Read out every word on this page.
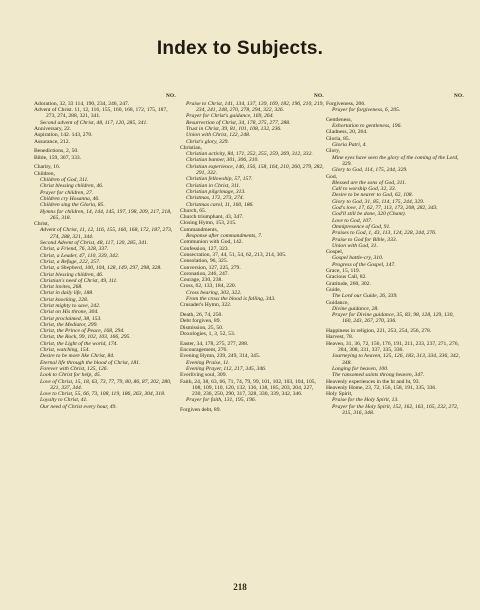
Index to Subjects.
NO.
Adoration, 32, 33 114, 190, 234, 246, 247.
Advent of Christ. 11, 12, 116, 155, 160, 168, 172, 175, 187, 273, 274, 288, 321, 341.
Second advent of Christ, 48, 117, 120, 285, 341.
Anniversary, 22.
Aspiration, 142. 143, 270.
Assurance, 212.
Benedictions, 2, 50.
Bible, 159, 307, 333.
Charity, 16.
Children,
Children of God, 311.
Christ blessing children, 46.
Prayer for children, 27.
Children cry Hosanna, 46.
Children sing the Gloria, 85.
Hymns for children, 14, 144, 145, 197, 198, 209, 217, 218, 265, 318.
Christ,
Advent of Christ, 11, 12, 116, 155, 160, 168, 172, 187, 273, 274, 288, 321, 344.
Second Advent of Christ, 48, 117, 120, 285, 341.
Christ, a Friend, 76, 328, 337.
Christ, a Leader, 47, 110, 339, 342.
Christ, a Refuge, 222, 257.
Christ, a Shepherd, 100, 104, 128, 149, 297, 298, 328.
Christ blessing children, 46.
Christian's need of Christ, 49, 111.
Christ invites, 268.
Christ in daily life, 188.
Christ knocking, 228.
Christ mighty to save, 242.
Christ on His throne, 304.
Christ proclaimed, 38, 153.
Christ, the Mediator, 299.
Christ, the Prince of Peace, 168, 294.
Christ, the Rock, 99, 102, 103, 166, 295.
Christ, the Light of the world, 174.
Christ, watching, 154.
Desire to be more like Christ, 84.
Eternal life through the blood of Christ, 181.
Forever with Christ, 125, 126.
Look to Christ for help, 45.
Love of Christ, 15, 18, 63, 73, 77, 79, 80, 86, 87, 202, 280, 321, 337, 344.
Love to Christ, 55, 66, 73, 108, 119, 186, 263, 304, 318.
Loyalty to Christ, 41.
Our need of Christ every hour, 49.
NO.
Praise to Christ, 141, 134, 137, 139, 169, 182, 196, 210, 219, 234, 241, 248, 270, 278, 294, 322, 326.
Prayer for Christ's guidance, 169, 264.
Resurrection of Christ, 34, 178, 275, 277, 288.
Trust in Christ, 39, 81, 101, 108, 132, 236.
Union with Christ, 122, 248.
Christ's glory, 329.
Christian,
Christian activity, 84, 171, 252, 255, 259, 269, 312, 332.
Christian banner, 301, 306, 310.
Christian experience, 146, 156, 158, 164, 210, 260, 279, 282, 291, 332.
Christian fellowship, 57, 157.
Christian in Christ, 311.
Christian pilgrimage, 313.
Christmas, 172, 273, 274.
Christmas carol, 11, 160, 186.
Church, 65.
Church triumphant, 43, 347.
Closing Hymn, 153, 215.
Commandments,
Response after commandments, 7.
Communion with God, 142.
Confession, 127, 323.
Consecration, 37, 44, 51, 54, 62, 213, 214, 305.
Consolation, 96, 325.
Conversion, 127, 225, 279.
Coronation, 246, 247.
Courage, 230, 238.
Cross, 62, 133, 184, 220.
Cross bearing, 303, 322.
From the cross the blood is falling, 343.
Crusader's Hymn, 322.
Death, 26, 74, 250.
Debt forgiven, 89.
Dismission, 25, 50.
Doxologies, 1, 3, 52, 53.
Easter, 34, 178, 275, 277, 288.
Encouragement, 276.
Evening Hymn, 239, 249, 314, 345.
Evening Praise, 11.
Evening Prayer, 112, 217, 345, 346.
Everliving soul, 309.
Faith, 24, 38, 63, 66, 71, 74, 79, 99, 101, 102, 103, 104, 105, 108, 109, 110, 120, 132, 136, 138, 185, 203, 204, 227, 230, 236, 250, 290, 317, 328, 330, 339, 342, 346.
Prayer for faith, 131, 195, 196.
Forgiven debt, 89.
NO.
Forgiveness, 206.
Prayer for forgiveness, 6, 205.
Gentleness,
Exhortation to gentleness, 196.
Gladness, 20, 264.
Gloria, 85.
Gloria Patri, 4.
Glory,
Mine eyes have seen the glory of the coming of the Lord, 329.
Glory to God, 114, 175, 244, 329.
God,
Blessed are the sons of God, 311.
Call to worship God, 32, 33.
Desire to be nearer to God, 62, 108.
Glory to God, 31, 85, 114, 175, 244, 329.
God's love, 17, 62, 77, 113, 173, 208, 282, 343.
God'll still be done, 320 (Chant).
Love to God, 107.
Omnipresence of God, 91.
Praises to God, 1, 43, 113, 124, 228, 244, 276.
Praise to God for Bible, 333.
Union with God, 31.
Gospel,
Gospel battle-cry, 310.
Progress of the Gospel, 147.
Grace, 15, 119.
Gracious Call, 82.
Gratitude, 260, 302.
Guide,
The Lord our Guide, 26, 339.
Guidance,
Divine guidance, 28.
Prayer for Divine guidance, 35, 83, 98, 128, 129, 130, 160, 243, 267, 270, 336.
Happiness in religion, 221, 253, 254, 256, 278.
Harvest, 78.
Heaven, 31, 36, 72, 156, 176, 191, 211, 233, 237, 271, 276, 284, 308, 331, 337, 335, 336.
Journeying to heaven, 125, 126, 183, 313, 334, 336, 342, 348.
Longing for heaven, 100.
The ransomed saints throng heaven, 347.
Heavenly experiences in the ht and ht, 93.
Heavenly Home, 23, 72, 156, 158, 191, 335, 336.
Holy Spirit,
Praise for the Holy Spirit, 13.
Prayer for the Holy Spirit, 152, 162, 163, 165, 232, 272, 315, 316, 348.
218
